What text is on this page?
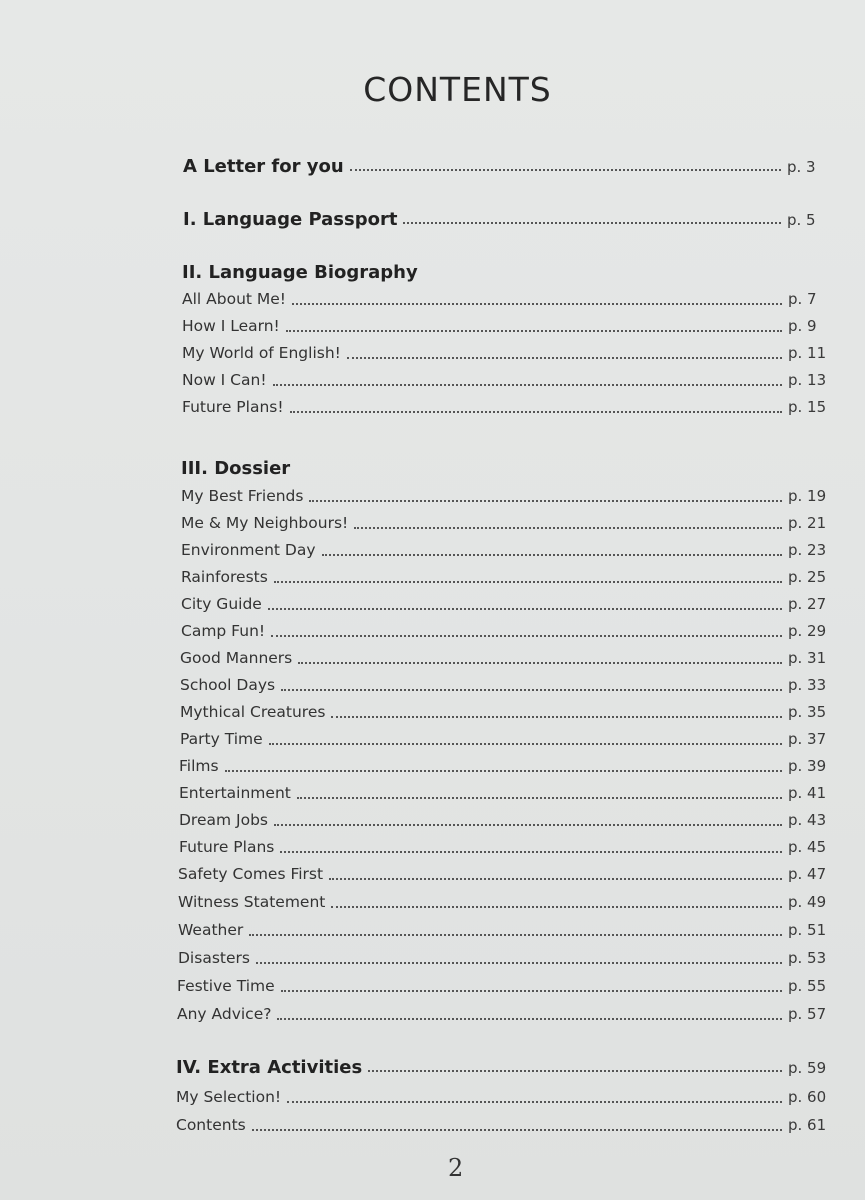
CONTENTS
A Letter for you	p. 3
I. Language Passport	p. 5
II. Language Biography
All About Me!	p. 7
How I Learn!	p. 9
My World of English!	p. 11
Now I Can!	p. 13
Future Plans!	p. 15
III. Dossier
My Best Friends	p. 19
Me & My Neighbours!	p. 21
Environment Day	p. 23
Rainforests	p. 25
City Guide	p. 27
Camp Fun!	p. 29
Good Manners	p. 31
School Days	p. 33
Mythical Creatures	p. 35
Party Time	p. 37
Films	p. 39
Entertainment	p. 41
Dream Jobs	p. 43
Future Plans	p. 45
Safety Comes First	p. 47
Witness Statement	p. 49
Weather	p. 51
Disasters	p. 53
Festive Time	p. 55
Any Advice?	p. 57
IV. Extra Activities	p. 59
My Selection!	p. 60
Contents	p. 61
2
